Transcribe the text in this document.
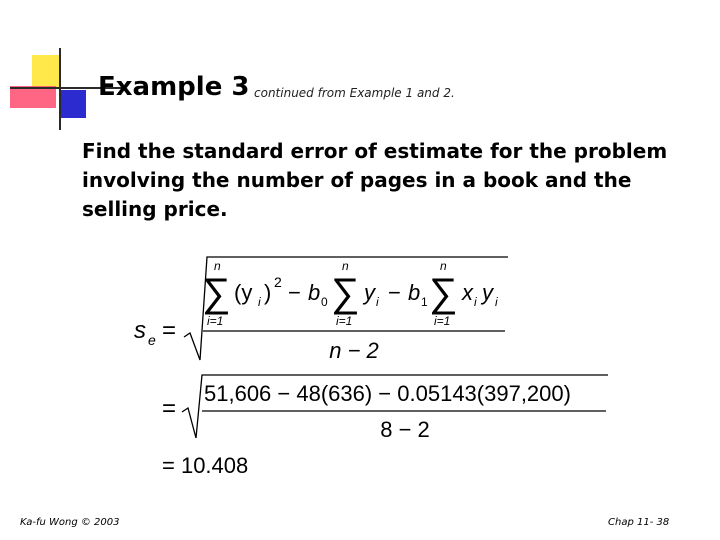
Example 3 continued from Example 1 and 2.

Find the standard error of estimate for the problem involving the number of pages in a book and the selling price.

s e =
n
∑
i=1
(y i ) 2 − b 0
n
∑
i=1
y i − b 1
n
∑
i=1
x i y i
n − 2
=
51,606 − 48(636) − 0.05143(397,200)
8 − 2
= 10.408
Ka-fu Wong © 2003	Chap 11- 38
